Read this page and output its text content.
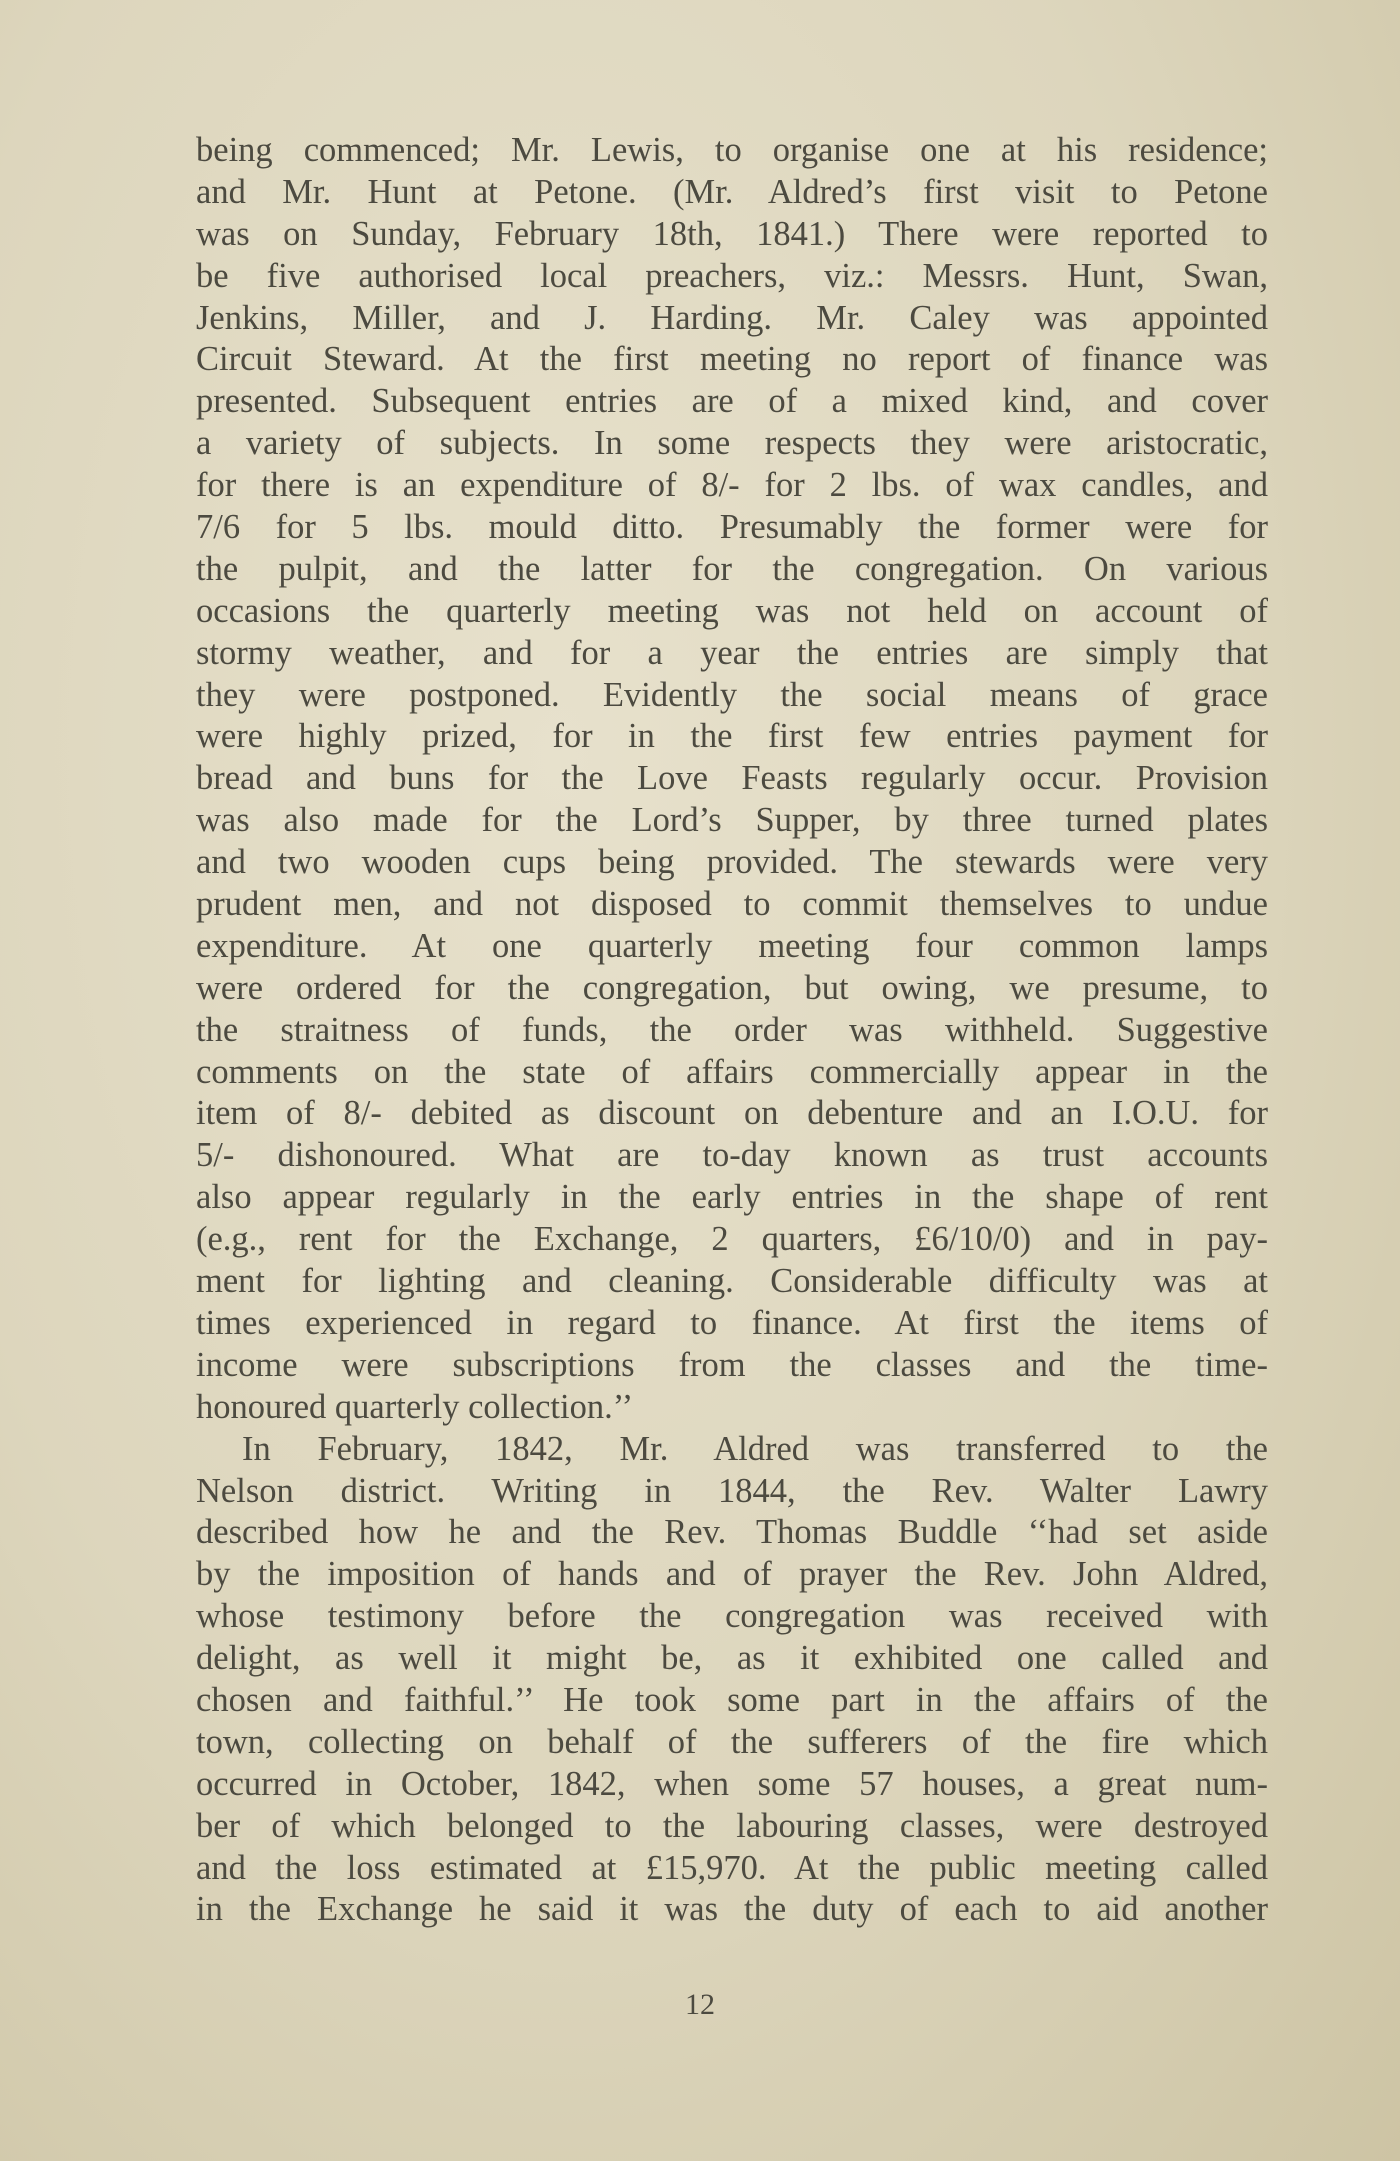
being commenced; Mr. Lewis, to organise one at his residence;
and Mr. Hunt at Petone. (Mr. Aldred’s first visit to Petone
was on Sunday, February 18th, 1841.) There were reported to
be five authorised local preachers, viz.: Messrs. Hunt, Swan,
Jenkins, Miller, and J. Harding. Mr. Caley was appointed
Circuit Steward. At the first meeting no report of finance was
presented. Subsequent entries are of a mixed kind, and cover
a variety of subjects. In some respects they were aristocratic,
for there is an expenditure of 8/- for 2 lbs. of wax candles, and
7/6 for 5 lbs. mould ditto. Presumably the former were for
the pulpit, and the latter for the congregation. On various
occasions the quarterly meeting was not held on account of
stormy weather, and for a year the entries are simply that
they were postponed. Evidently the social means of grace
were highly prized, for in the first few entries payment for
bread and buns for the Love Feasts regularly occur. Provision
was also made for the Lord’s Supper, by three turned plates
and two wooden cups being provided. The stewards were very
prudent men, and not disposed to commit themselves to undue
expenditure. At one quarterly meeting four common lamps
were ordered for the congregation, but owing, we presume, to
the straitness of funds, the order was withheld. Suggestive
comments on the state of affairs commercially appear in the
item of 8/- debited as discount on debenture and an I.O.U. for
5/- dishonoured. What are to-day known as trust accounts
also appear regularly in the early entries in the shape of rent
(e.g., rent for the Exchange, 2 quarters, £6/10/0) and in pay-
ment for lighting and cleaning. Considerable difficulty was at
times experienced in regard to finance. At first the items of
income were subscriptions from the classes and the time-
honoured quarterly collection.’’
In February, 1842, Mr. Aldred was transferred to the
Nelson district. Writing in 1844, the Rev. Walter Lawry
described how he and the Rev. Thomas Buddle ‘‘had set aside
by the imposition of hands and of prayer the Rev. John Aldred,
whose testimony before the congregation was received with
delight, as well it might be, as it exhibited one called and
chosen and faithful.’’ He took some part in the affairs of the
town, collecting on behalf of the sufferers of the fire which
occurred in October, 1842, when some 57 houses, a great num-
ber of which belonged to the labouring classes, were destroyed
and the loss estimated at £15,970. At the public meeting called
in the Exchange he said it was the duty of each to aid another
12
